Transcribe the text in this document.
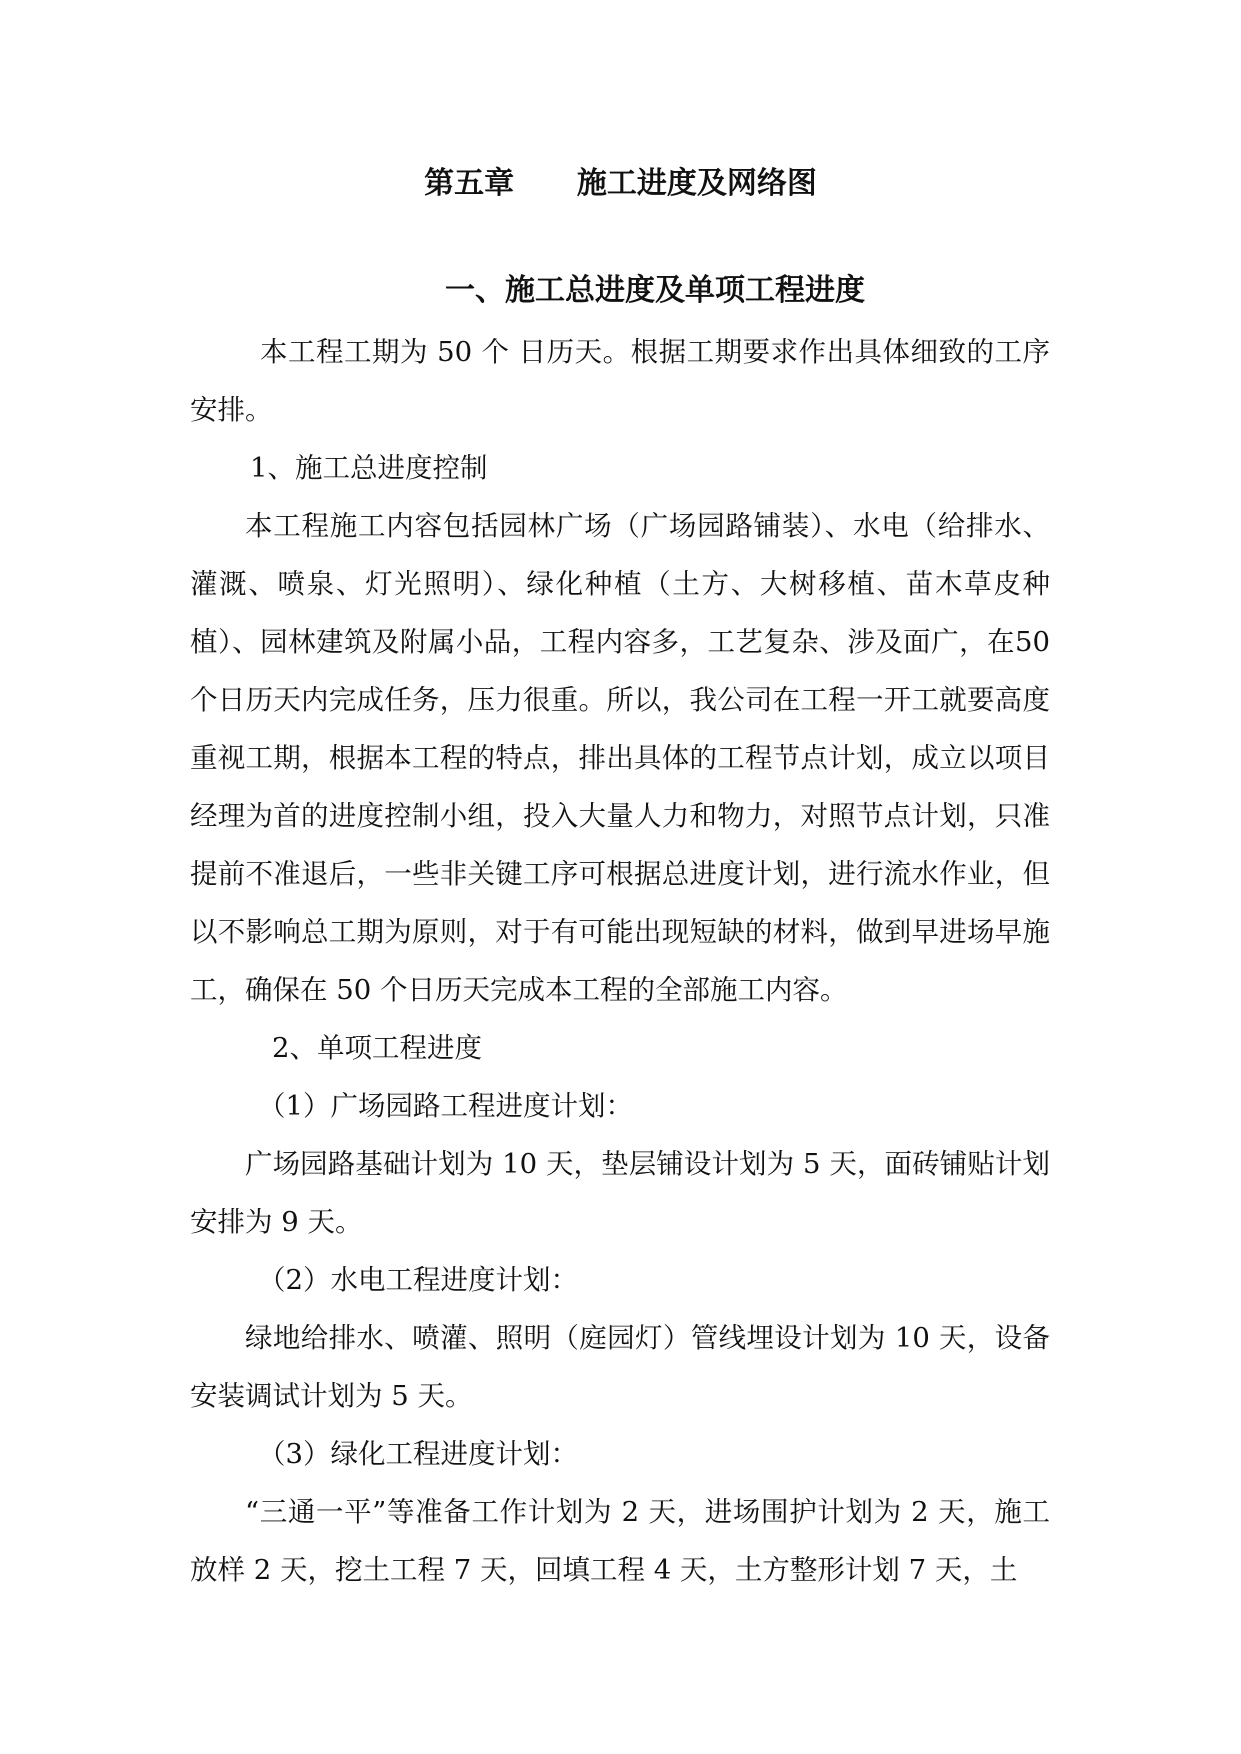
第五章      施工进度及网络图
一、施工总进度及单项工程进度

本工程工期为 50 个 日历天。根据工期要求作出具体细致的工序安排。

1、施工总进度控制

本工程施工内容包括园林广场（广场园路铺装）、水电（给排水、灌溉、喷泉、灯光照明）、绿化种植（土方、大树移植、苗木草皮种植）、园林建筑及附属小品，工程内容多，工艺复杂、涉及面广，在50 个日历天内完成任务，压力很重。所以，我公司在工程一开工就要高度重视工期，根据本工程的特点，排出具体的工程节点计划，成立以项目经理为首的进度控制小组，投入大量人力和物力，对照节点计划，只准提前不准退后，一些非关键工序可根据总进度计划，进行流水作业，但以不影响总工期为原则，对于有可能出现短缺的材料，做到早进场早施工，确保在 50 个日历天完成本工程的全部施工内容。

2、单项工程进度

（1）广场园路工程进度计划：

广场园路基础计划为 10 天，垫层铺设计划为 5 天，面砖铺贴计划安排为 9 天。

（2）水电工程进度计划：

绿地给排水、喷灌、照明（庭园灯）管线埋设计划为 10 天，设备安装调试计划为 5 天。

（3）绿化工程进度计划：

“三通一平”等准备工作计划为 2 天，进场围护计划为 2 天，施工放样 2 天，挖土工程 7 天，回填工程 4 天，土方整形计划 7 天，土
